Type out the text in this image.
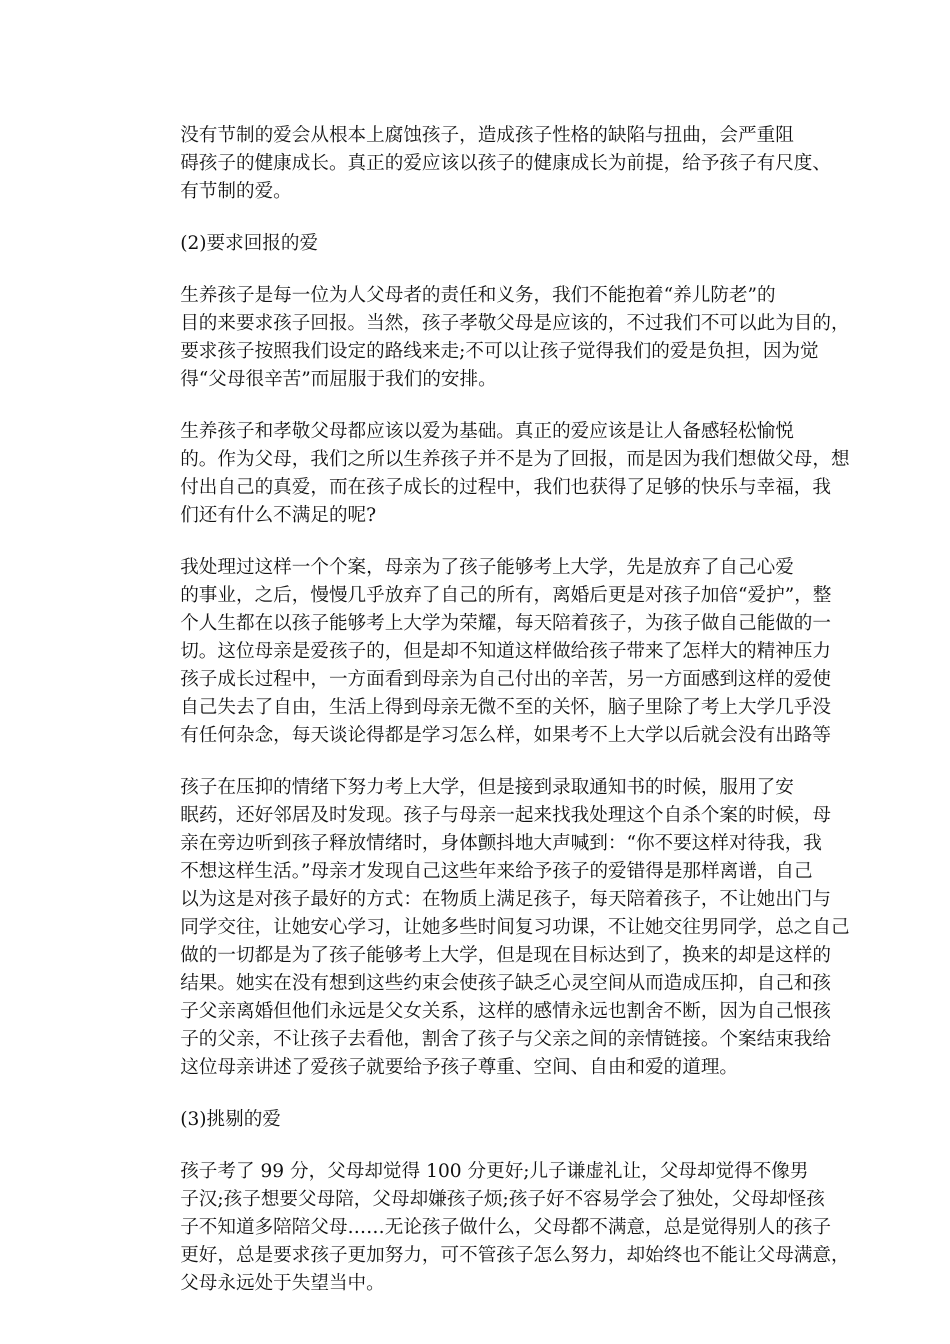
没有节制的爱会从根本上腐蚀孩子，造成孩子性格的缺陷与扭曲，会严重阻
碍孩子的健康成长。真正的爱应该以孩子的健康成长为前提，给予孩子有尺度、
有节制的爱。

(2)要求回报的爱

生养孩子是每一位为人父母者的责任和义务，我们不能抱着“养儿防老”的
目的来要求孩子回报。当然，孩子孝敬父母是应该的，不过我们不可以此为目的，
要求孩子按照我们设定的路线来走;不可以让孩子觉得我们的爱是负担，因为觉
得“父母很辛苦”而屈服于我们的安排。

生养孩子和孝敬父母都应该以爱为基础。真正的爱应该是让人备感轻松愉悦
的。作为父母，我们之所以生养孩子并不是为了回报，而是因为我们想做父母，想
付出自己的真爱，而在孩子成长的过程中，我们也获得了足够的快乐与幸福，我
们还有什么不满足的呢?

我处理过这样一个个案，母亲为了孩子能够考上大学，先是放弃了自己心爱
的事业，之后，慢慢几乎放弃了自己的所有，离婚后更是对孩子加倍“爱护”，整
个人生都在以孩子能够考上大学为荣耀，每天陪着孩子，为孩子做自己能做的一
切。这位母亲是爱孩子的，但是却不知道这样做给孩子带来了怎样大的精神压力
孩子成长过程中，一方面看到母亲为自己付出的辛苦，另一方面感到这样的爱使
自己失去了自由，生活上得到母亲无微不至的关怀，脑子里除了考上大学几乎没
有任何杂念，每天谈论得都是学习怎么样，如果考不上大学以后就会没有出路等

孩子在压抑的情绪下努力考上大学，但是接到录取通知书的时候，服用了安
眠药，还好邻居及时发现。孩子与母亲一起来找我处理这个自杀个案的时候，母
亲在旁边听到孩子释放情绪时，身体颤抖地大声喊到：“你不要这样对待我，我
不想这样生活。”母亲才发现自己这些年来给予孩子的爱错得是那样离谱，自己
以为这是对孩子最好的方式：在物质上满足孩子，每天陪着孩子，不让她出门与
同学交往，让她安心学习，让她多些时间复习功课，不让她交往男同学，总之自己
做的一切都是为了孩子能够考上大学，但是现在目标达到了，换来的却是这样的
结果。她实在没有想到这些约束会使孩子缺乏心灵空间从而造成压抑，自己和孩
子父亲离婚但他们永远是父女关系，这样的感情永远也割舍不断，因为自己恨孩
子的父亲，不让孩子去看他，割舍了孩子与父亲之间的亲情链接。个案结束我给
这位母亲讲述了爱孩子就要给予孩子尊重、空间、自由和爱的道理。

(3)挑剔的爱

孩子考了 99 分，父母却觉得 100 分更好;儿子谦虚礼让，父母却觉得不像男
子汉;孩子想要父母陪，父母却嫌孩子烦;孩子好不容易学会了独处，父母却怪孩
子不知道多陪陪父母……无论孩子做什么，父母都不满意，总是觉得别人的孩子
更好，总是要求孩子更加努力，可不管孩子怎么努力，却始终也不能让父母满意，
父母永远处于失望当中。
